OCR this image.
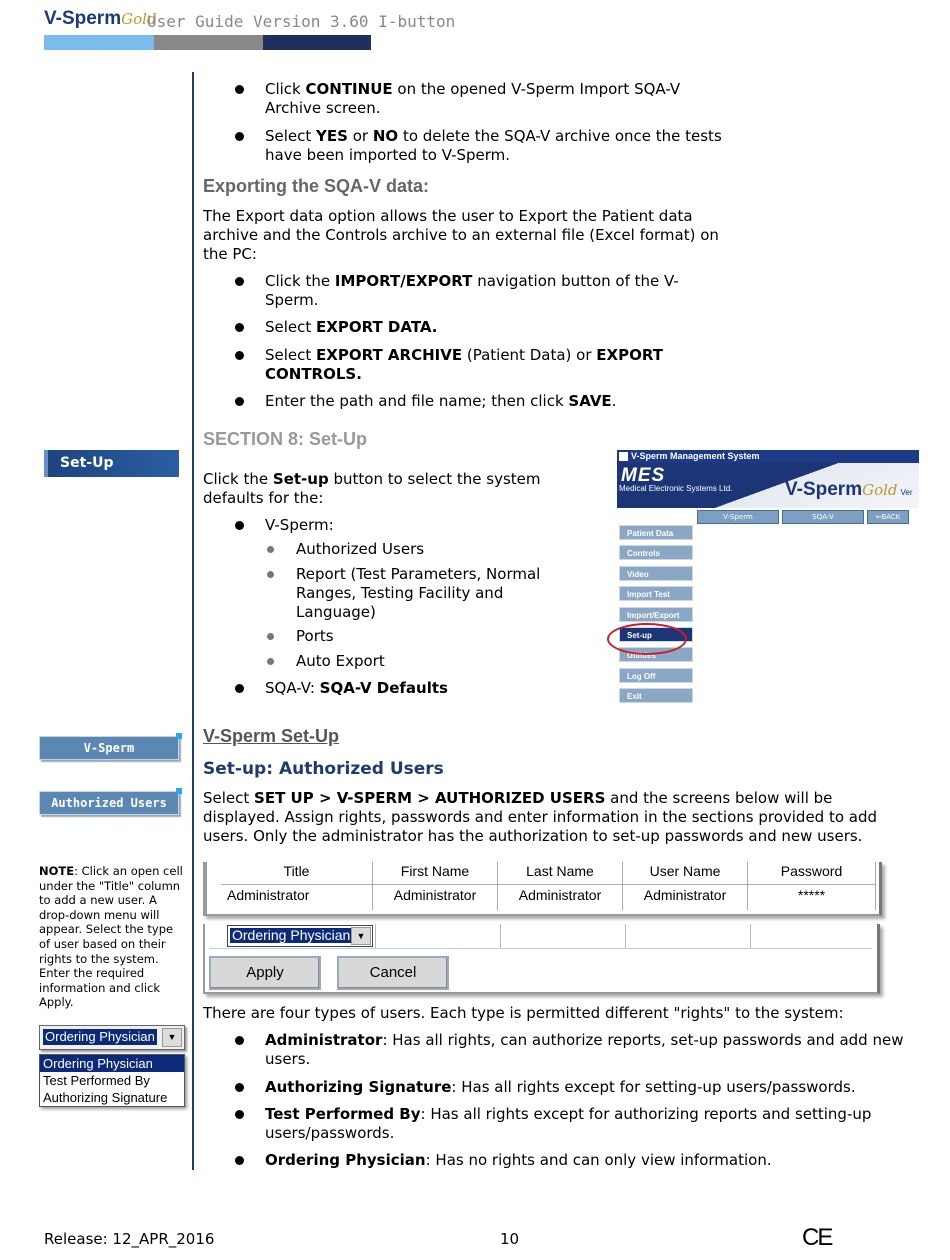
V-SpermGold
User Guide Version 3.60 I-button
Click CONTINUE on the opened V-Sperm Import SQA-V Archive screen.
Select YES or NO to delete the SQA-V archive once the tests have been imported to V-Sperm.
Exporting the SQA-V data:
The Export data option allows the user to Export the Patient data archive and the Controls archive to an external file (Excel format) on the PC:
Click the IMPORT/EXPORT navigation button of the V-Sperm.
Select EXPORT DATA.
Select EXPORT ARCHIVE (Patient Data) or EXPORT CONTROLS.
Enter the path and file name; then click SAVE.
SECTION 8: Set-Up
Click the Set-up button to select the system defaults for the:
V-Sperm:
Authorized Users
Report (Test Parameters, Normal Ranges, Testing Facility and Language)
Ports
Auto Export
SQA-V: SQA-V Defaults
Set-Up	V-Sperm Management System
MES
Medical Electronic Systems Ltd.	V-SpermGold Ver
V-Sperm	SQA-V	⇐BACK
Patient Data
Controls
Video
Import Test
Import/Export
Set-up
Utilities
Log Off
Exit
V-Sperm Set-Up
Set-up: Authorized Users
Select SET UP > V-SPERM > AUTHORIZED USERS and the screens below will be displayed. Assign rights, passwords and enter information in the sections provided to add users. Only the administrator has the authorization to set-up passwords and new users.
V-Sperm
Authorized Users
NOTE: Click an open cell under the "Title" column to add a new user. A drop-down menu will appear. Select the type of user based on their rights to the system. Enter the required information and click Apply.
Ordering Physician	▼
Ordering Physician
Test Performed By
Authorizing Signature
Title	First Name	Last Name	User Name	Password
Administrator	Administrator	Administrator	Administrator	*****
Ordering Physician ▼
Apply	Cancel
There are four types of users. Each type is permitted different "rights" to the system:
Administrator: Has all rights, can authorize reports, set-up passwords and add new users.
Authorizing Signature: Has all rights except for setting-up users/passwords.
Test Performed By: Has all rights except for authorizing reports and setting-up users/passwords.
Ordering Physician: Has no rights and can only view information.
Release: 12_APR_2016	10	CE
